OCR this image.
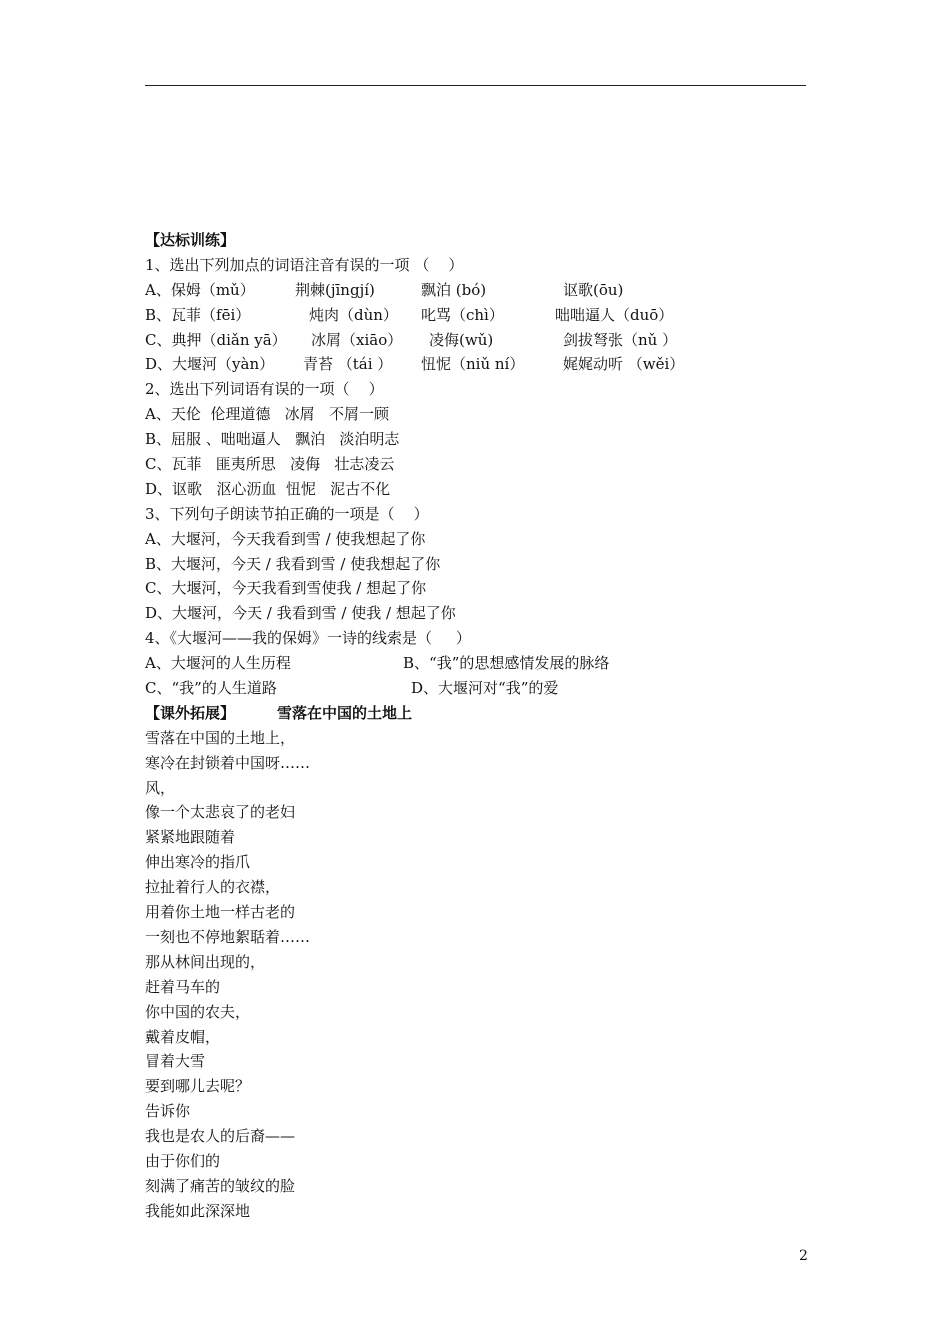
【达标训练】
1、选出下列加点的词语注音有误的一项 （    ）
A、保姆（mǔ）	荆棘(jīngjí)	飘泊 (bó)	讴歌(ōu)
B、瓦菲（fēi）	炖肉（dùn）	叱骂（chì）	咄咄逼人（duō）
C、典押（diǎn yā）	冰屑（xiāo）	凌侮(wǔ)	剑拔弩张（nǔ ）
D、大堰河（yàn）	青苔 （tái ）	忸怩（niǔ ní）	娓娓动听 （wěi）
2、选出下列词语有误的一项（    ）
A、天伦  伦理道德   冰屑   不屑一顾
B、屈服 、咄咄逼人   飘泊   淡泊明志
C、瓦菲   匪夷所思   凌侮   壮志凌云
D、讴歌   沤心沥血  忸怩   泥古不化
3、下列句子朗读节拍正确的一项是（    ）
A、大堰河，今天我看到雪 / 使我想起了你
B、大堰河，今天 / 我看到雪 / 使我想起了你
C、大堰河，今天我看到雪使我 / 想起了你
D、大堰河，今天 / 我看到雪 / 使我 / 想起了你
4、《大堰河——我的保姆》一诗的线索是（     ）
A、大堰河的人生历程	B、“我”的思想感情发展的脉络
C、“我”的人生道路	D、大堰河对“我”的爱
【课外拓展】	雪落在中国的土地上
雪落在中国的土地上，
寒冷在封锁着中国呀……
风，
像一个太悲哀了的老妇
紧紧地跟随着
伸出寒冷的指爪
拉扯着行人的衣襟，
用着你土地一样古老的
一刻也不停地絮聒着……
那从林间出现的，
赶着马车的
你中国的农夫，
戴着皮帽，
冒着大雪
要到哪儿去呢？
告诉你
我也是农人的后裔——
由于你们的
刻满了痛苦的皱纹的脸
我能如此深深地
2
